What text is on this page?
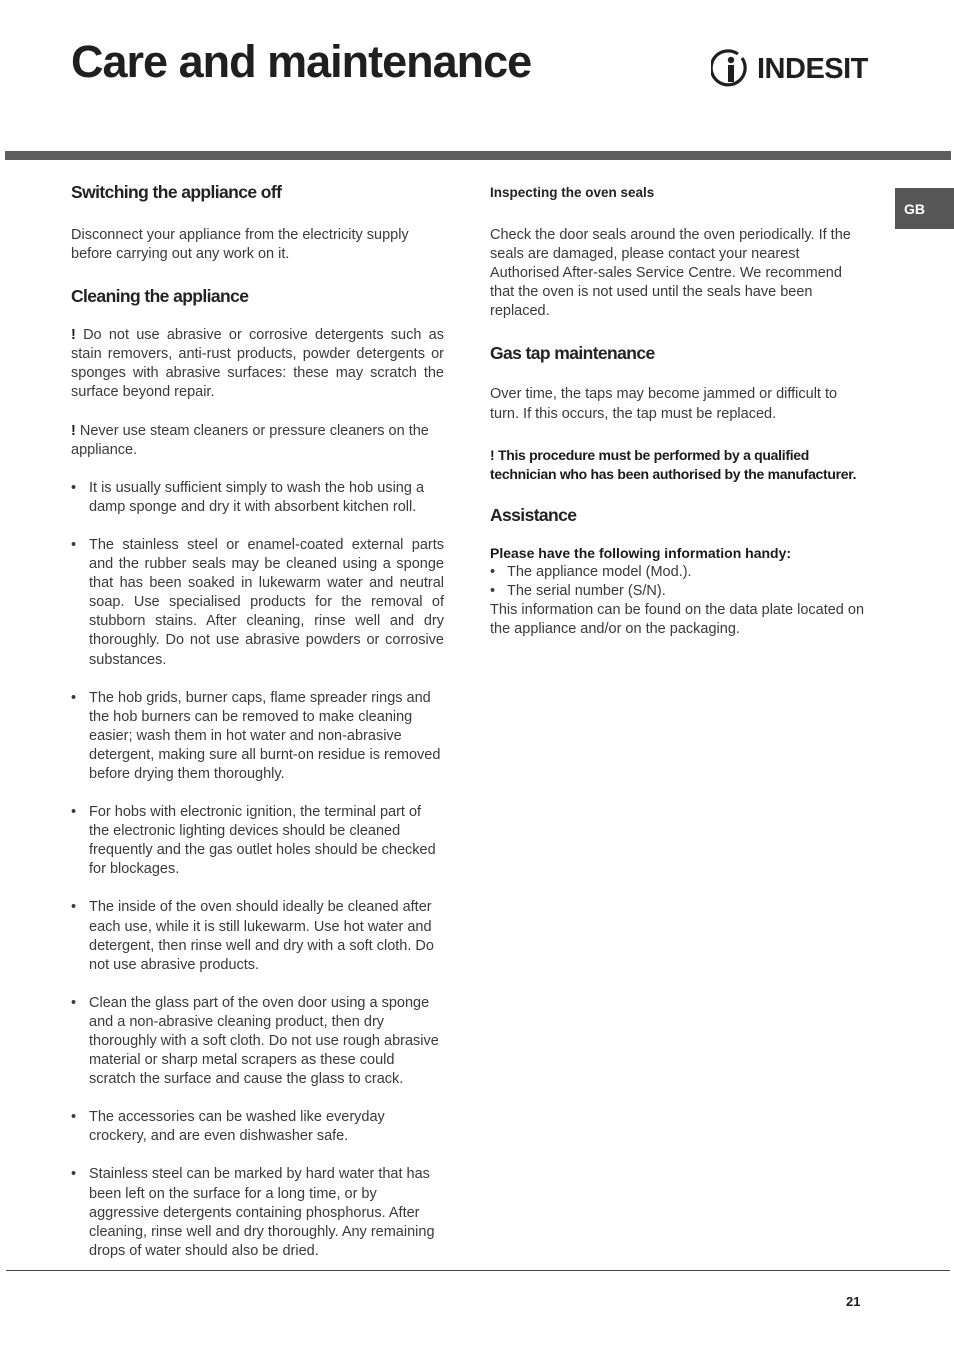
Care and maintenance	INDESIT
GB
Switching the appliance off

Disconnect your appliance from the electricity supply before carrying out any work on it.

Cleaning the appliance

! Do not use abrasive or corrosive detergents such as stain removers, anti-rust products, powder detergents or sponges with abrasive surfaces: these may scratch the surface beyond repair.

! Never use steam cleaners or pressure cleaners on the appliance.

• It is usually sufficient simply to wash the hob using a damp sponge and dry it with absorbent kitchen roll.
• The stainless steel or enamel-coated external parts and the rubber seals may be cleaned using a sponge that has been soaked in lukewarm water and neutral soap. Use specialised products for the removal of stubborn stains. After cleaning, rinse well and dry thoroughly. Do not use abrasive powders or corrosive substances.
• The hob grids, burner caps, flame spreader rings and the hob burners can be removed to make cleaning easier; wash them in hot water and non-abrasive detergent, making sure all burnt-on residue is removed before drying them thoroughly.
• For hobs with electronic ignition, the terminal part of the electronic lighting devices should be cleaned frequently and the gas outlet holes should be checked for blockages.
• The inside of the oven should ideally be cleaned after each use, while it is still lukewarm. Use hot water and detergent, then rinse well and dry with a soft cloth. Do not use abrasive products.
• Clean the glass part of the oven door using a sponge and a non-abrasive cleaning product, then dry thoroughly with a soft cloth. Do not use rough abrasive material or sharp metal scrapers as these could scratch the surface and cause the glass to crack.
• The accessories can be washed like everyday crockery, and are even dishwasher safe.
• Stainless steel can be marked by hard water that has been left on the surface for a long time, or by aggressive detergents containing phosphorus. After cleaning, rinse well and dry thoroughly. Any remaining drops of water should also be dried.
Inspecting the oven seals

Check the door seals around the oven periodically. If the seals are damaged, please contact your nearest Authorised After-sales Service Centre. We recommend that the oven is not used until the seals have been replaced.

Gas tap maintenance

Over time, the taps may become jammed or difficult to turn. If this occurs, the tap must be replaced.

! This procedure must be performed by a qualified technician who has been authorised by the manufacturer.

Assistance

Please have the following information handy:

• The appliance model (Mod.).
• The serial number (S/N).

This information can be found on the data plate located on the appliance and/or on the packaging.

21
